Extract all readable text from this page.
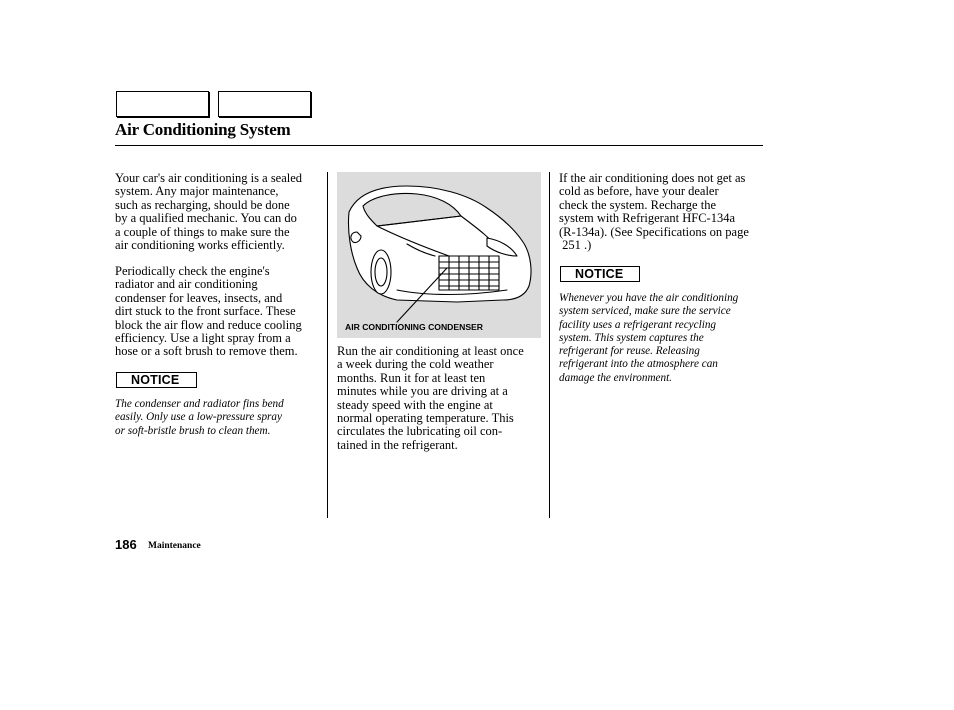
Air Conditioning System

Your car's air conditioning is a sealed

system. Any major maintenance,

such as recharging, should be done

by a qualified mechanic. You can do

a couple of things to make sure the

air conditioning works efficiently.

Periodically check the engine's

radiator and air conditioning

condenser for leaves, insects, and

dirt stuck to the front surface. These

block the air flow and reduce cooling

efficiency. Use a light spray from a

hose or a soft brush to remove them.

NOTICE

The condenser and radiator fins bend

easily. Only use a low-pressure spray

or soft-bristle brush to clean them.

AIR CONDITIONING CONDENSER

Run the air conditioning at least once

a week during the cold weather

months. Run it for at least ten

minutes while you are driving at a

steady speed with the engine at

normal operating temperature. This

circulates the lubricating oil con-

tained in the refrigerant.

If the air conditioning does not get as

cold as before, have your dealer

check the system. Recharge the

system with Refrigerant HFC-134a

(R-134a). (See Specifications on page

251 .)

NOTICE

Whenever you have the air conditioning

system serviced, make sure the service

facility uses a refrigerant recycling

system. This system captures the

refrigerant for reuse. Releasing

refrigerant into the atmosphere can

damage the environment.

186 Maintenance
